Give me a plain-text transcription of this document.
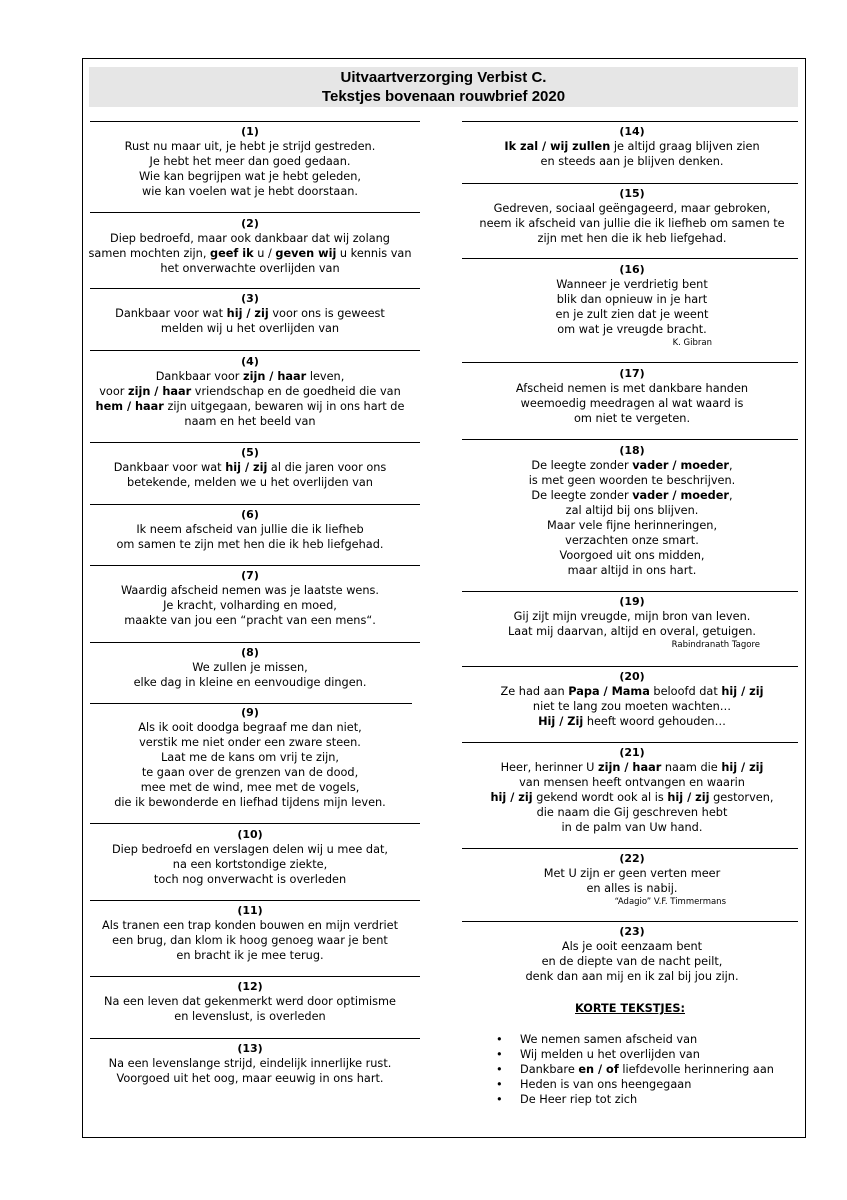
Uitvaartverzorging Verbist C.
Tekstjes bovenaan rouwbrief 2020
(1)
Rust nu maar uit, je hebt je strijd gestreden.
Je hebt het meer dan goed gedaan.
Wie kan begrijpen wat je hebt geleden,
wie kan voelen wat je hebt doorstaan.
(2)
Diep bedroefd, maar ook dankbaar dat wij zolang
samen mochten zijn, geef ik u / geven wij u kennis van
het onverwachte overlijden van
(3)
Dankbaar voor wat hij / zij voor ons is geweest
melden wij u het overlijden van
(4)
Dankbaar voor zijn / haar leven,
voor zijn / haar vriendschap en de goedheid die van
hem / haar zijn uitgegaan, bewaren wij in ons hart de
naam en het beeld van
(5)
Dankbaar voor wat hij / zij al die jaren voor ons
betekende, melden we u het overlijden van
(6)
Ik neem afscheid van jullie die ik liefheb
om samen te zijn met hen die ik heb liefgehad.
(7)
Waardig afscheid nemen was je laatste wens.
Je kracht, volharding en moed,
maakte van jou een “pracht van een mens“.
(8)
We zullen je missen,
elke dag in kleine en eenvoudige dingen.
(9)
Als ik ooit doodga begraaf me dan niet,
verstik me niet onder een zware steen.
Laat me de kans om vrij te zijn,
te gaan over de grenzen van de dood,
mee met de wind, mee met de vogels,
die ik bewonderde en liefhad tijdens mijn leven.
(10)
Diep bedroefd en verslagen delen wij u mee dat,
na een kortstondige ziekte,
toch nog onverwacht is overleden
(11)
Als tranen een trap konden bouwen en mijn verdriet
een brug, dan klom ik hoog genoeg waar je bent
en bracht ik je mee terug.
(12)
Na een leven dat gekenmerkt werd door optimisme
en levenslust, is overleden
(13)
Na een levenslange strijd, eindelijk innerlijke rust.
Voorgoed uit het oog, maar eeuwig in ons hart.
(14)
Ik zal / wij zullen je altijd graag blijven zien
en steeds aan je blijven denken.
(15)
Gedreven, sociaal geëngageerd, maar gebroken,
neem ik afscheid van jullie die ik liefheb om samen te
zijn met hen die ik heb liefgehad.
(16)
Wanneer je verdrietig bent
blik dan opnieuw in je hart
en je zult zien dat je weent
om wat je vreugde bracht.
K. Gibran
(17)
Afscheid nemen is met dankbare handen
weemoedig meedragen al wat waard is
om niet te vergeten.
(18)
De leegte zonder vader / moeder,
is met geen woorden te beschrijven.
De leegte zonder vader / moeder,
zal altijd bij ons blijven.
Maar vele fijne herinneringen,
verzachten onze smart.
Voorgoed uit ons midden,
maar altijd in ons hart.
(19)
Gij zijt mijn vreugde, mijn bron van leven.
Laat mij daarvan, altijd en overal, getuigen.
Rabindranath Tagore
(20)
Ze had aan Papa / Mama beloofd dat hij / zij
niet te lang zou moeten wachten…
Hij / Zij heeft woord gehouden…
(21)
Heer, herinner U zijn / haar naam die hij / zij
van mensen heeft ontvangen en waarin
hij / zij gekend wordt ook al is hij / zij gestorven,
die naam die Gij geschreven hebt
in de palm van Uw hand.
(22)
Met U zijn er geen verten meer
en alles is nabij.
“Adagio” V.F. Timmermans
(23)
Als je ooit eenzaam bent
en de diepte van de nacht peilt,
denk dan aan mij en ik zal bij jou zijn.
KORTE TEKSTJES:
• We nemen samen afscheid van
• Wij melden u het overlijden van
• Dankbare en / of liefdevolle herinnering aan
• Heden is van ons heengegaan
• De Heer riep tot zich
